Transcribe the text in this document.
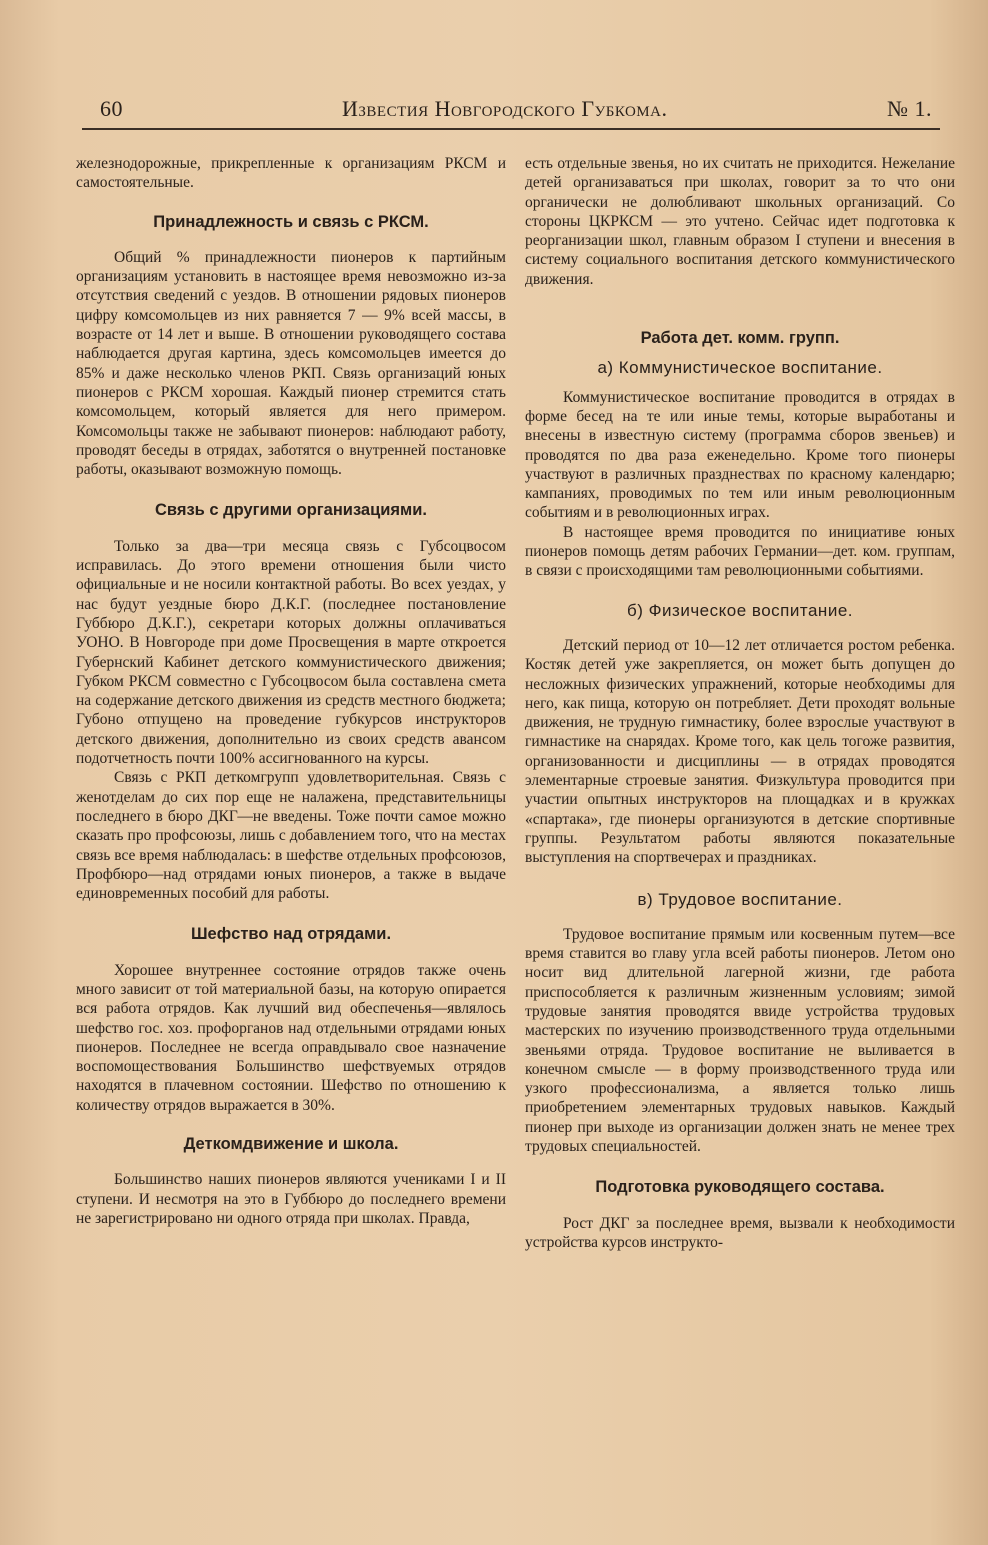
60	Известия Новгородского Губкома.	№ 1.

железнодорожные, прикрепленные к организациям РКСМ и самостоятельные.

Принадлежность и связь с РКСМ.

Общий % принадлежности пионеров к партийным организациям установить в настоящее время невозможно из-за отсутствия сведений с уездов. В отношении рядовых пионеров цифру комсомольцев из них равняется 7 — 9% всей массы, в возрасте от 14 лет и выше. В отношении руководящего состава наблюдается другая картина, здесь комсомольцев имеется до 85% и даже несколько членов РКП. Связь организаций юных пионеров с РКСМ хорошая. Каждый пионер стремится стать комсомольцем, который является для него примером. Комсомольцы также не забывают пионеров: наблюдают работу, проводят беседы в отрядах, заботятся о внутренней постановке работы, оказывают возможную помощь.

Связь с другими организациями.

Только за два—три месяца связь с Губсоцвосом исправилась. До этого времени отношения были чисто официальные и не носили контактной работы. Во всех уездах, у нас будут уездные бюро Д.К.Г. (последнее постановление Губбюро Д.К.Г.), секретари которых должны оплачиваться УОНО. В Новгороде при доме Просвещения в марте откроется Губернский Кабинет детского коммунистического движения; Губком РКСМ совместно с Губсоцвосом была составлена смета на содержание детского движения из средств местного бюджета; Губоно отпущено на проведение губкурсов инструкторов детского движения, дополнительно из своих средств авансом подотчетность почти 100% ассигнованного на курсы.

Связь с РКП деткомгрупп удовлетворительная. Связь с женотделам до сих пор еще не налажена, представительницы последнего в бюро ДКГ—не введены. Тоже почти самое можно сказать про профсоюзы, лишь с добавлением того, что на местах связь все время наблюдалась: в шефстве отдельных профсоюзов, Профбюро—над отрядами юных пионеров, а также в выдаче единовременных пособий для работы.

Шефство над отрядами.

Хорошее внутреннее состояние отрядов также очень много зависит от той материальной базы, на которую опирается вся работа отрядов. Как лучший вид обеспеченья—являлось шефство гос. хоз. профорганов над отдельными отрядами юных пионеров. Последнее не всегда оправдывало свое назначение воспомоществования Большинство шефствуемых отрядов находятся в плачевном состоянии. Шефство по отношению к количеству отрядов выражается в 30%.

Деткомдвижение и школа.

Большинство наших пионеров являются учениками I и II ступени. И несмотря на это в Губбюро до последнего времени не зарегистрировано ни одного отряда при школах. Правда,

есть отдельные звенья, но их считать не приходится. Нежелание детей организаваться при школах, говорит за то что они органически не долюбливают школьных организаций. Со стороны ЦКРКСМ — это учтено. Сейчас идет подготовка к реорганизации школ, главным образом I ступени и внесения в систему социального воспитания детского коммунистического движения.

Работа дет. комм. групп.
а) Коммунистическое воспитание.

Коммунистическое воспитание проводится в отрядах в форме бесед на те или иные темы, которые выработаны и внесены в известную систему (программа сборов звеньев) и проводятся по два раза еженедельно. Кроме того пионеры участвуют в различных празднествах по красному календарю; кампаниях, проводимых по тем или иным революционным событиям и в революционных играх.

В настоящее время проводится по инициативе юных пионеров помощь детям рабочих Германии—дет. ком. группам, в связи с происходящими там революционными событиями.

б) Физическое воспитание.

Детский период от 10—12 лет отличается ростом ребенка. Костяк детей уже закрепляется, он может быть допущен до несложных физических упражнений, которые необходимы для него, как пища, которую он потребляет. Дети проходят вольные движения, не трудную гимнастику, более взрослые участвуют в гимнастике на снарядах. Кроме того, как цель тогоже развития, организованности и дисциплины — в отрядах проводятся элементарные строевые занятия. Физкультура проводится при участии опытных инструкторов на площадках и в кружках «спартака», где пионеры организуются в детские спортивные группы. Результатом работы являются показательные выступления на спортвечерах и праздниках.

в) Трудовое воспитание.

Трудовое воспитание прямым или косвенным путем—все время ставится во главу угла всей работы пионеров. Летом оно носит вид длительной лагерной жизни, где работа приспособляется к различным жизненным условиям; зимой трудовые занятия проводятся ввиде устройства трудовых мастерских по изучению производственного труда отдельными звеньями отряда. Трудовое воспитание не выливается в конечном смысле — в форму производственного труда или узкого профессионализма, а является только лишь приобретением элементарных трудовых навыков. Каждый пионер при выходе из организации должен знать не менее трех трудовых специальностей.

Подготовка руководящего состава.

Рост ДКГ за последнее время, вызвали к необходимости устройства курсов инструкто-
